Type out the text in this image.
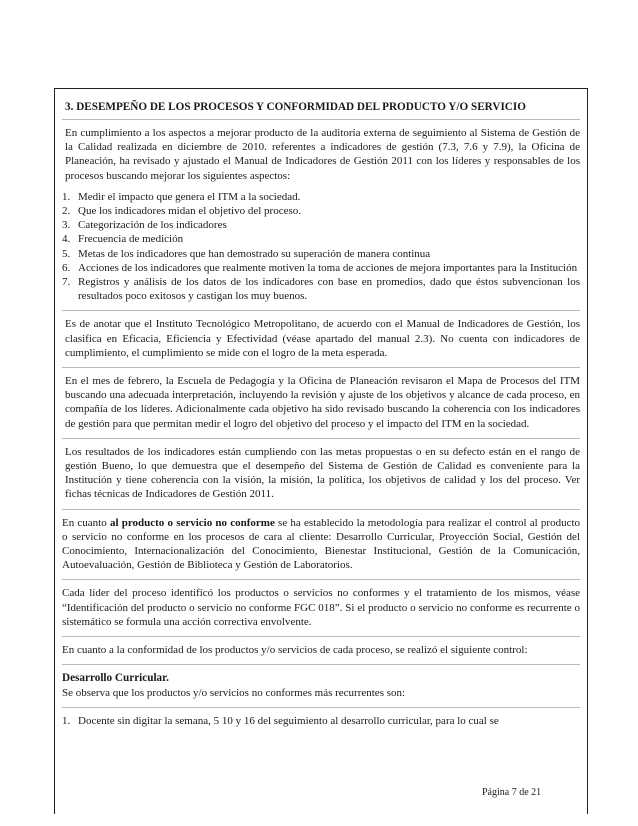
3. DESEMPEÑO DE LOS PROCESOS Y CONFORMIDAD DEL PRODUCTO Y/O SERVICIO

En cumplimiento a los aspectos a mejorar producto de la auditoría externa de seguimiento al Sistema de Gestión de la Calidad realizada en diciembre de 2010. referentes a indicadores de gestión (7.3, 7.6 y 7.9), la Oficina de Planeación, ha revisado y ajustado el Manual de Indicadores de Gestión 2011 con los líderes y responsables de los procesos buscando mejorar los siguientes aspectos:

1. Medir el impacto que genera el ITM a la sociedad.
2. Que los indicadores midan el objetivo del proceso.
3. Categorización de los indicadores
4. Frecuencia de medición
5. Metas de los indicadores que han demostrado su superación de manera continua
6. Acciones de los indicadores que realmente motiven la toma de acciones de mejora importantes para la Institución
7. Registros y análisis de los datos de los indicadores con base en promedios, dado que éstos subvencionan los resultados poco exitosos y castigan los muy buenos.

Es de anotar que el Instituto Tecnológico Metropolitano, de acuerdo con el Manual de Indicadores de Gestión, los clasifica en Eficacia, Eficiencia y Efectividad (véase apartado del manual 2.3). No cuenta con indicadores de cumplimiento, el cumplimiento se mide con el logro de la meta esperada.

En el mes de febrero, la Escuela de Pedagogía y la Oficina de Planeación revisaron el Mapa de Procesos del ITM buscando una adecuada interpretación, incluyendo la revisión y ajuste de los objetivos y alcance de cada proceso, en compañía de los líderes. Adicionalmente cada objetivo ha sido revisado buscando la coherencia con los indicadores de gestión para que permitan medir el logro del objetivo del proceso y el impacto del ITM en la sociedad.

Los resultados de los indicadores están cumpliendo con las metas propuestas o en su defecto están en el rango de gestión Bueno, lo que demuestra que el desempeño del Sistema de Gestión de Calidad es conveniente para la Institución y tiene coherencia con la visión, la misión, la política, los objetivos de calidad y los del proceso. Ver fichas técnicas de Indicadores de Gestión 2011.

En cuanto al producto o servicio no conforme se ha establecido la metodología para realizar el control al producto o servicio no conforme en los procesos de cara al cliente: Desarrollo Curricular, Proyección Social, Gestión del Conocimiento, Internacionalización del Conocimiento, Bienestar Institucional, Gestión de la Comunicación, Autoevaluación, Gestión de Biblioteca y Gestión de Laboratorios.

Cada líder del proceso identificó los productos o servicios no conformes y el tratamiento de los mismos, véase “Identificación del producto o servicio no conforme FGC 018”. Si el producto o servicio no conforme es recurrente o sistemático se formula una acción correctiva envolvente.

En cuanto a la conformidad de los productos y/o servicios de cada proceso, se realizó el siguiente control:

Desarrollo Curricular.

Se observa que los productos y/o servicios no conformes más recurrentes son:

1. Docente sin digitar la semana, 5 10 y 16 del seguimiento al desarrollo curricular, para lo cual se
Página 7 de 21
